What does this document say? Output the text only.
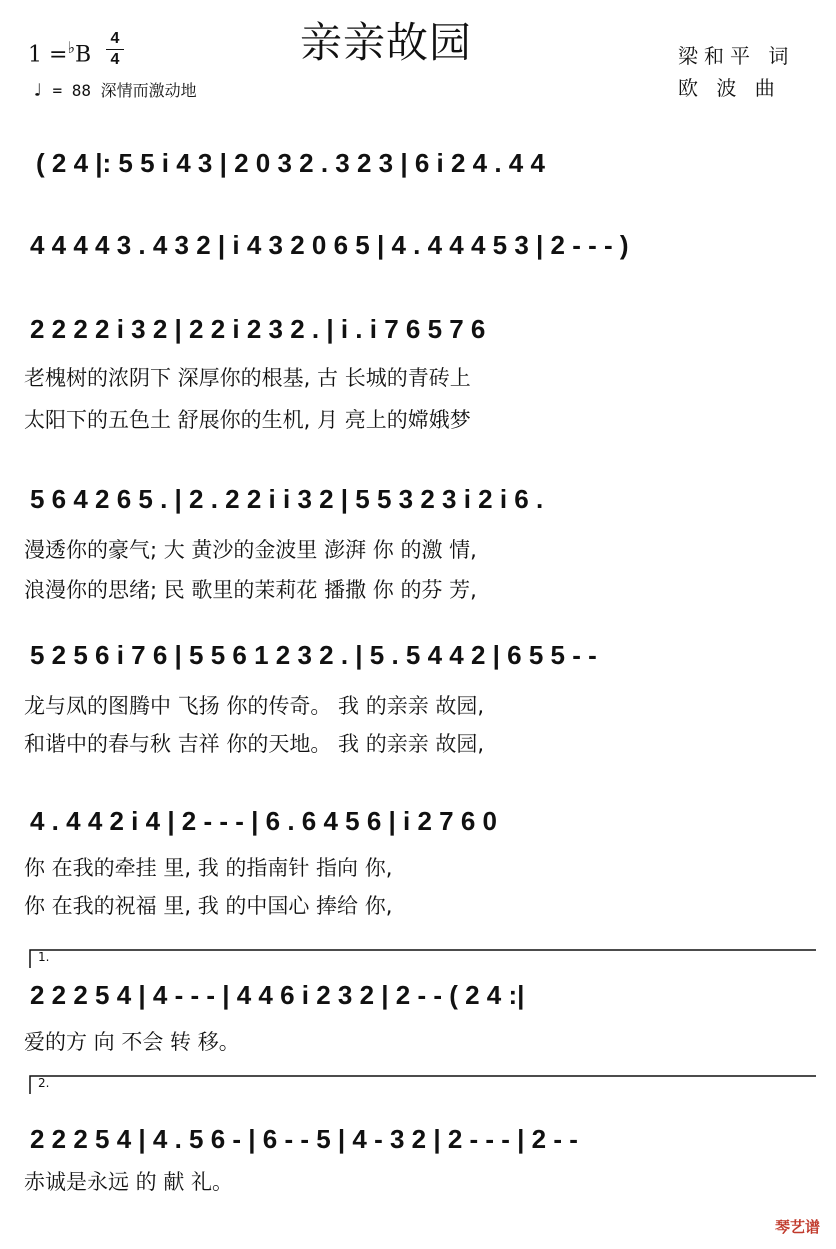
亲亲故园
1 =♭B
4
4
♩ = 88 深情而激动地
梁和平 词
欧 波 曲
( 2 4 |: 5 5 i 4 3 | 2 0 3 2 . 3 2 3 | 6 i 2 4 . 4 4
4 4 4 4 3 . 4 3 2 | i 4 3 2 0 6 5 | 4 . 4 4 4 5 3 | 2 - - - )
2 2 2 2 i 3 2 | 2 2 i 2 3 2 . | i . i 7 6 5 7 6
老槐树的浓阴下 深厚你的根基, 古 长城的青砖上
太阳下的五色土 舒展你的生机, 月 亮上的嫦娥梦
5 6 4 2 6 5 . | 2 . 2 2 i i 3 2 | 5 5 3 2 3 i 2 i 6 .
漫透你的豪气; 大 黄沙的金波里 澎湃 你 的激 情,
浪漫你的思绪; 民 歌里的茉莉花 播撒 你 的芬 芳,
5 2 5 6 i 7 6 | 5 5 6 1 2 3 2 . | 5 . 5 4 4 2 | 6 5 5 - -
龙与凤的图腾中 飞扬 你的传奇。 我 的亲亲 故园,
和谐中的春与秋 吉祥 你的天地。 我 的亲亲 故园,
4 . 4 4 2 i 4 | 2 - - - | 6 . 6 4 5 6 | i 2 7 6 0
你 在我的牵挂 里, 我 的指南针 指向 你,
你 在我的祝福 里, 我 的中国心 捧给 你,
1.
2 2 2 5 4 | 4 - - - | 4 4 6 i 2 3 2 | 2 - - ( 2 4 :|
爱的方 向 不会 转 移。
2.
2 2 2 5 4 | 4 . 5 6 - | 6 - - 5 | 4 - 3 2 | 2 - - - | 2 - -
赤诚是永远 的 献 礼。
琴艺谱
